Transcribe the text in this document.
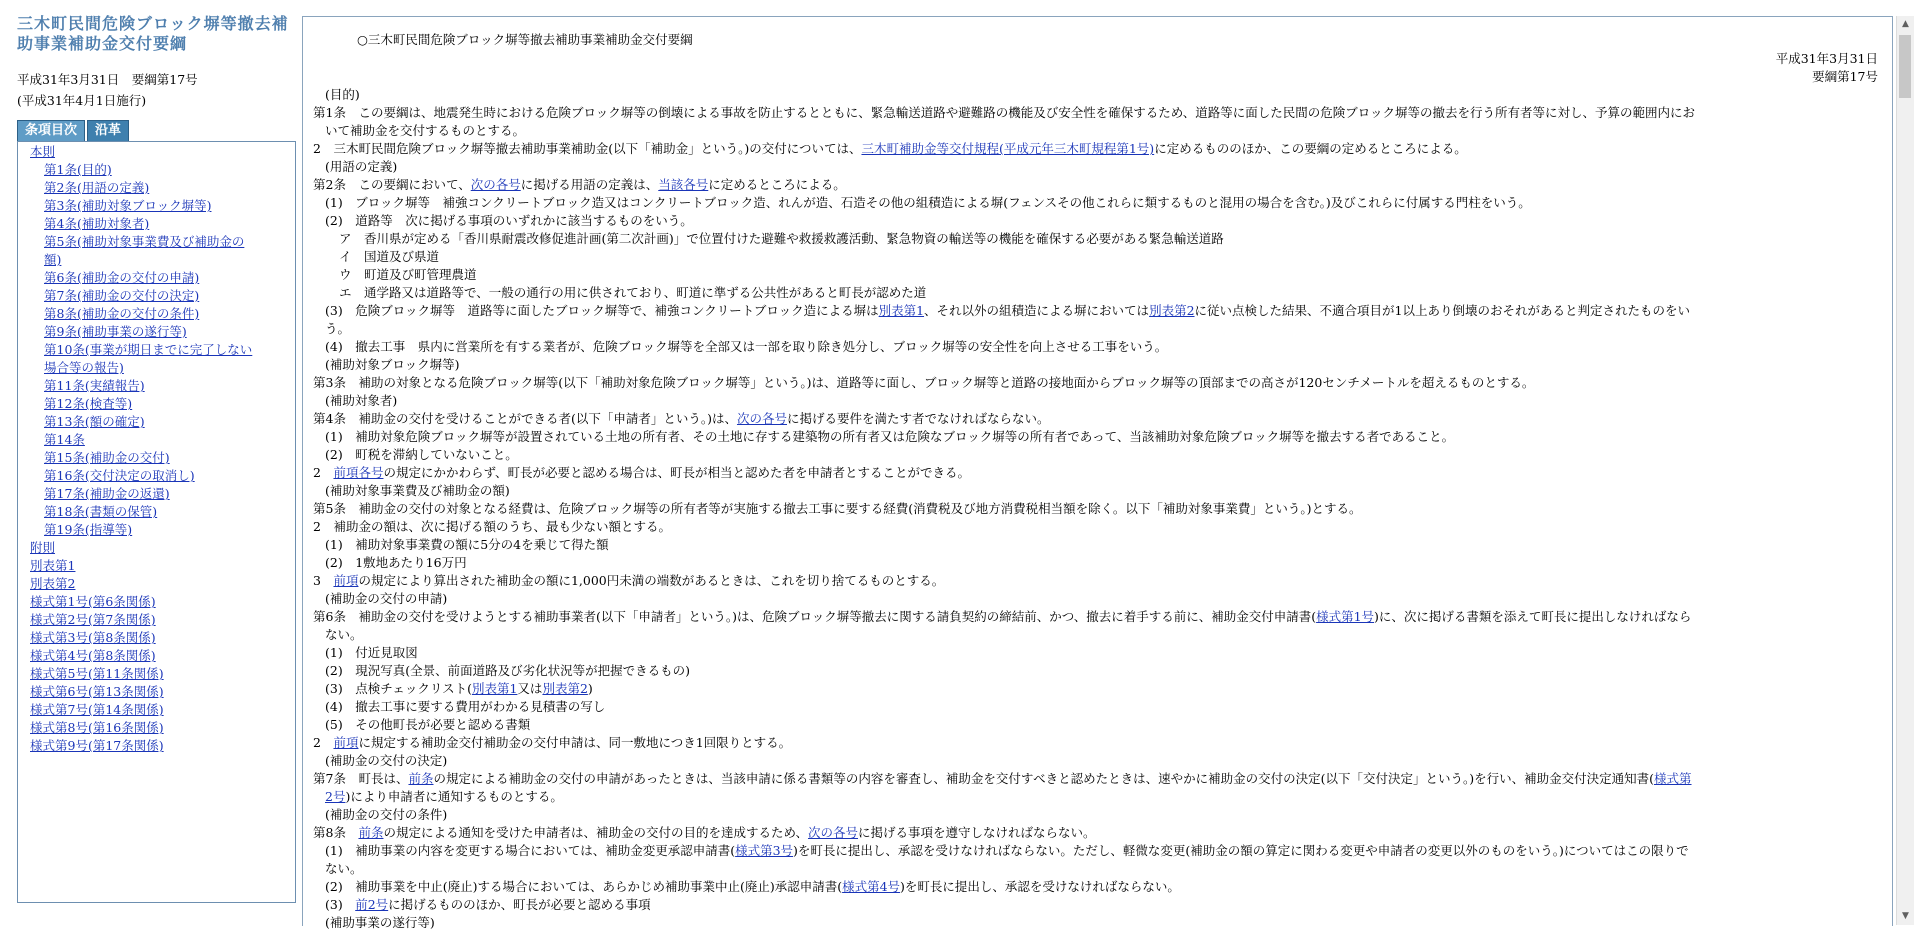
三木町民間危険ブロック塀等撤去補助事業補助金交付要綱
平成31年3月31日　要綱第17号
(平成31年4月1日施行)
条項目次 沿革
本則
第1条(目的)
第2条(用語の定義)
第3条(補助対象ブロック塀等)
第4条(補助対象者)
第5条(補助対象事業費及び補助金の
額)
第6条(補助金の交付の申請)
第7条(補助金の交付の決定)
第8条(補助金の交付の条件)
第9条(補助事業の遂行等)
第10条(事業が期日までに完了しない
場合等の報告)
第11条(実績報告)
第12条(検査等)
第13条(額の確定)
第14条
第15条(補助金の交付)
第16条(交付決定の取消し)
第17条(補助金の返還)
第18条(書類の保管)
第19条(指導等)
附則
別表第1
別表第2
様式第1号(第6条関係)
様式第2号(第7条関係)
様式第3号(第8条関係)
様式第4号(第8条関係)
様式第5号(第11条関係)
様式第6号(第13条関係)
様式第7号(第14条関係)
様式第8号(第16条関係)
様式第9号(第17条関係)
○三木町民間危険ブロック塀等撤去補助事業補助金交付要綱
平成31年3月31日
要綱第17号
(目的)
第1条　この要綱は、地震発生時における危険ブロック塀等の倒壊による事故を防止するとともに、緊急輸送道路や避難路の機能及び安全性を確保するため、道路等に面した民間の危険ブロック塀等の撤去を行う所有者等に対し、予算の範囲内にお
いて補助金を交付するものとする。
2　三木町民間危険ブロック塀等撤去補助事業補助金(以下「補助金」という。)の交付については、三木町補助金等交付規程(平成元年三木町規程第1号)に定めるもののほか、この要綱の定めるところによる。
(用語の定義)
第2条　この要綱において、次の各号に掲げる用語の定義は、当該各号に定めるところによる。
(1)　ブロック塀等　補強コンクリートブロック造又はコンクリートブロック造、れんが造、石造その他の組積造による塀(フェンスその他これらに類するものと混用の場合を含む。)及びこれらに付属する門柱をいう。
(2)　道路等　次に掲げる事項のいずれかに該当するものをいう。
ア　香川県が定める「香川県耐震改修促進計画(第二次計画)」で位置付けた避難や救援救護活動、緊急物資の輸送等の機能を確保する必要がある緊急輸送道路
イ　国道及び県道
ウ　町道及び町管理農道
エ　通学路又は道路等で、一般の通行の用に供されており、町道に準ずる公共性があると町長が認めた道
(3)　危険ブロック塀等　道路等に面したブロック塀等で、補強コンクリートブロック造による塀は別表第1、それ以外の組積造による塀においては別表第2に従い点検した結果、不適合項目が1以上あり倒壊のおそれがあると判定されたものをい
う。
(4)　撤去工事　県内に営業所を有する業者が、危険ブロック塀等を全部又は一部を取り除き処分し、ブロック塀等の安全性を向上させる工事をいう。
(補助対象ブロック塀等)
第3条　補助の対象となる危険ブロック塀等(以下「補助対象危険ブロック塀等」という。)は、道路等に面し、ブロック塀等と道路の接地面からブロック塀等の頂部までの高さが120センチメートルを超えるものとする。
(補助対象者)
第4条　補助金の交付を受けることができる者(以下「申請者」という。)は、次の各号に掲げる要件を満たす者でなければならない。
(1)　補助対象危険ブロック塀等が設置されている土地の所有者、その土地に存する建築物の所有者又は危険なブロック塀等の所有者であって、当該補助対象危険ブロック塀等を撤去する者であること。
(2)　町税を滞納していないこと。
2　前項各号の規定にかかわらず、町長が必要と認める場合は、町長が相当と認めた者を申請者とすることができる。
(補助対象事業費及び補助金の額)
第5条　補助金の交付の対象となる経費は、危険ブロック塀等の所有者等が実施する撤去工事に要する経費(消費税及び地方消費税相当額を除く。以下「補助対象事業費」という。)とする。
2　補助金の額は、次に掲げる額のうち、最も少ない額とする。
(1)　補助対象事業費の額に5分の4を乗じて得た額
(2)　1敷地あたり16万円
3　前項の規定により算出された補助金の額に1,000円未満の端数があるときは、これを切り捨てるものとする。
(補助金の交付の申請)
第6条　補助金の交付を受けようとする補助事業者(以下「申請者」という。)は、危険ブロック塀等撤去に関する請負契約の締結前、かつ、撤去に着手する前に、補助金交付申請書(様式第1号)に、次に掲げる書類を添えて町長に提出しなければなら
ない。
(1)　付近見取図
(2)　現況写真(全景、前面道路及び劣化状況等が把握できるもの)
(3)　点検チェックリスト(別表第1又は別表第2)
(4)　撤去工事に要する費用がわかる見積書の写し
(5)　その他町長が必要と認める書類
2　前項に規定する補助金交付補助金の交付申請は、同一敷地につき1回限りとする。
(補助金の交付の決定)
第7条　町長は、前条の規定による補助金の交付の申請があったときは、当該申請に係る書類等の内容を審査し、補助金を交付すべきと認めたときは、速やかに補助金の交付の決定(以下「交付決定」という。)を行い、補助金交付決定通知書(様式第
2号)により申請者に通知するものとする。
(補助金の交付の条件)
第8条　前条の規定による通知を受けた申請者は、補助金の交付の目的を達成するため、次の各号に掲げる事項を遵守しなければならない。
(1)　補助事業の内容を変更する場合においては、補助金変更承認申請書(様式第3号)を町長に提出し、承認を受けなければならない。ただし、軽微な変更(補助金の額の算定に関わる変更や申請者の変更以外のものをいう。)についてはこの限りで
ない。
(2)　補助事業を中止(廃止)する場合においては、あらかじめ補助事業中止(廃止)承認申請書(様式第4号)を町長に提出し、承認を受けなければならない。
(3)　前2号に掲げるもののほか、町長が必要と認める事項
(補助事業の遂行等)
▲
▼
